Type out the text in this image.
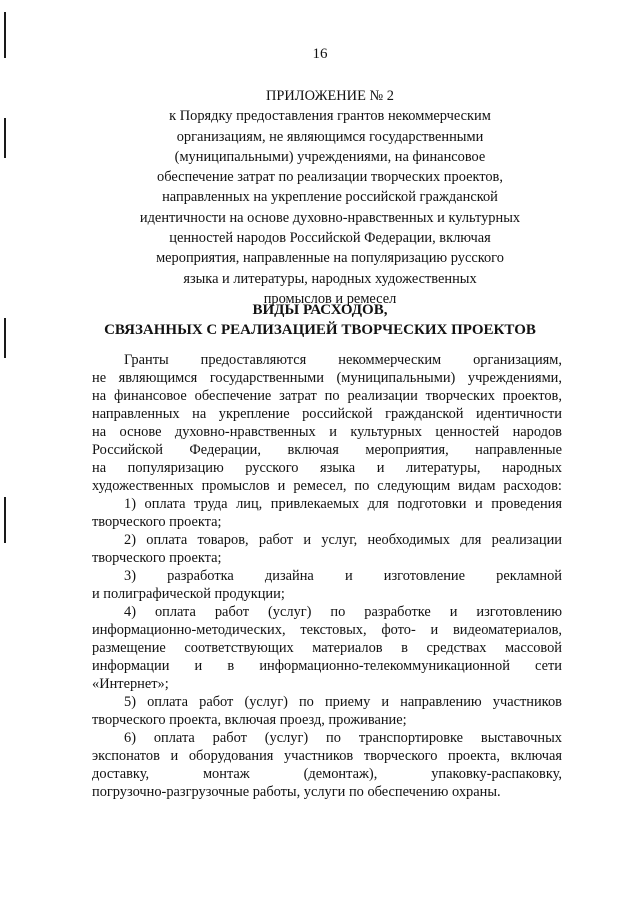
16
ПРИЛОЖЕНИЕ № 2
к Порядку предоставления грантов некоммерческим
организациям, не являющимся государственными
(муниципальными) учреждениями, на финансовое
обеспечение затрат по реализации творческих проектов,
направленных на укрепление российской гражданской
идентичности на основе духовно-нравственных и культурных
ценностей народов Российской Федерации, включая
мероприятия, направленные на популяризацию русского
языка и литературы, народных художественных
промыслов и ремесел
ВИДЫ РАСХОДОВ,
СВЯЗАННЫХ С РЕАЛИЗАЦИЕЙ ТВОРЧЕСКИХ ПРОЕКТОВ
Гранты предоставляются некоммерческим организациям,
не являющимся государственными (муниципальными) учреждениями,
на финансовое обеспечение затрат по реализации творческих проектов,
направленных на укрепление российской гражданской идентичности
на основе духовно-нравственных и культурных ценностей народов
Российской Федерации, включая мероприятия, направленные
на популяризацию русского языка и литературы, народных
художественных промыслов и ремесел, по следующим видам расходов:
1) оплата труда лиц, привлекаемых для подготовки и проведения
творческого проекта;
2) оплата товаров, работ и услуг, необходимых для реализации
творческого проекта;
3) разработка дизайна и изготовление рекламной
и полиграфической продукции;
4) оплата работ (услуг) по разработке и изготовлению
информационно-методических, текстовых, фото- и видеоматериалов,
размещение соответствующих материалов в средствах массовой
информации и в информационно-телекоммуникационной сети
«Интернет»;
5) оплата работ (услуг) по приему и направлению участников
творческого проекта, включая проезд, проживание;
6) оплата работ (услуг) по транспортировке выставочных
экспонатов и оборудования участников творческого проекта, включая
доставку,	монтаж	(демонтаж),	упаковку-распаковку,
погрузочно-разгрузочные работы, услуги по обеспечению охраны.
